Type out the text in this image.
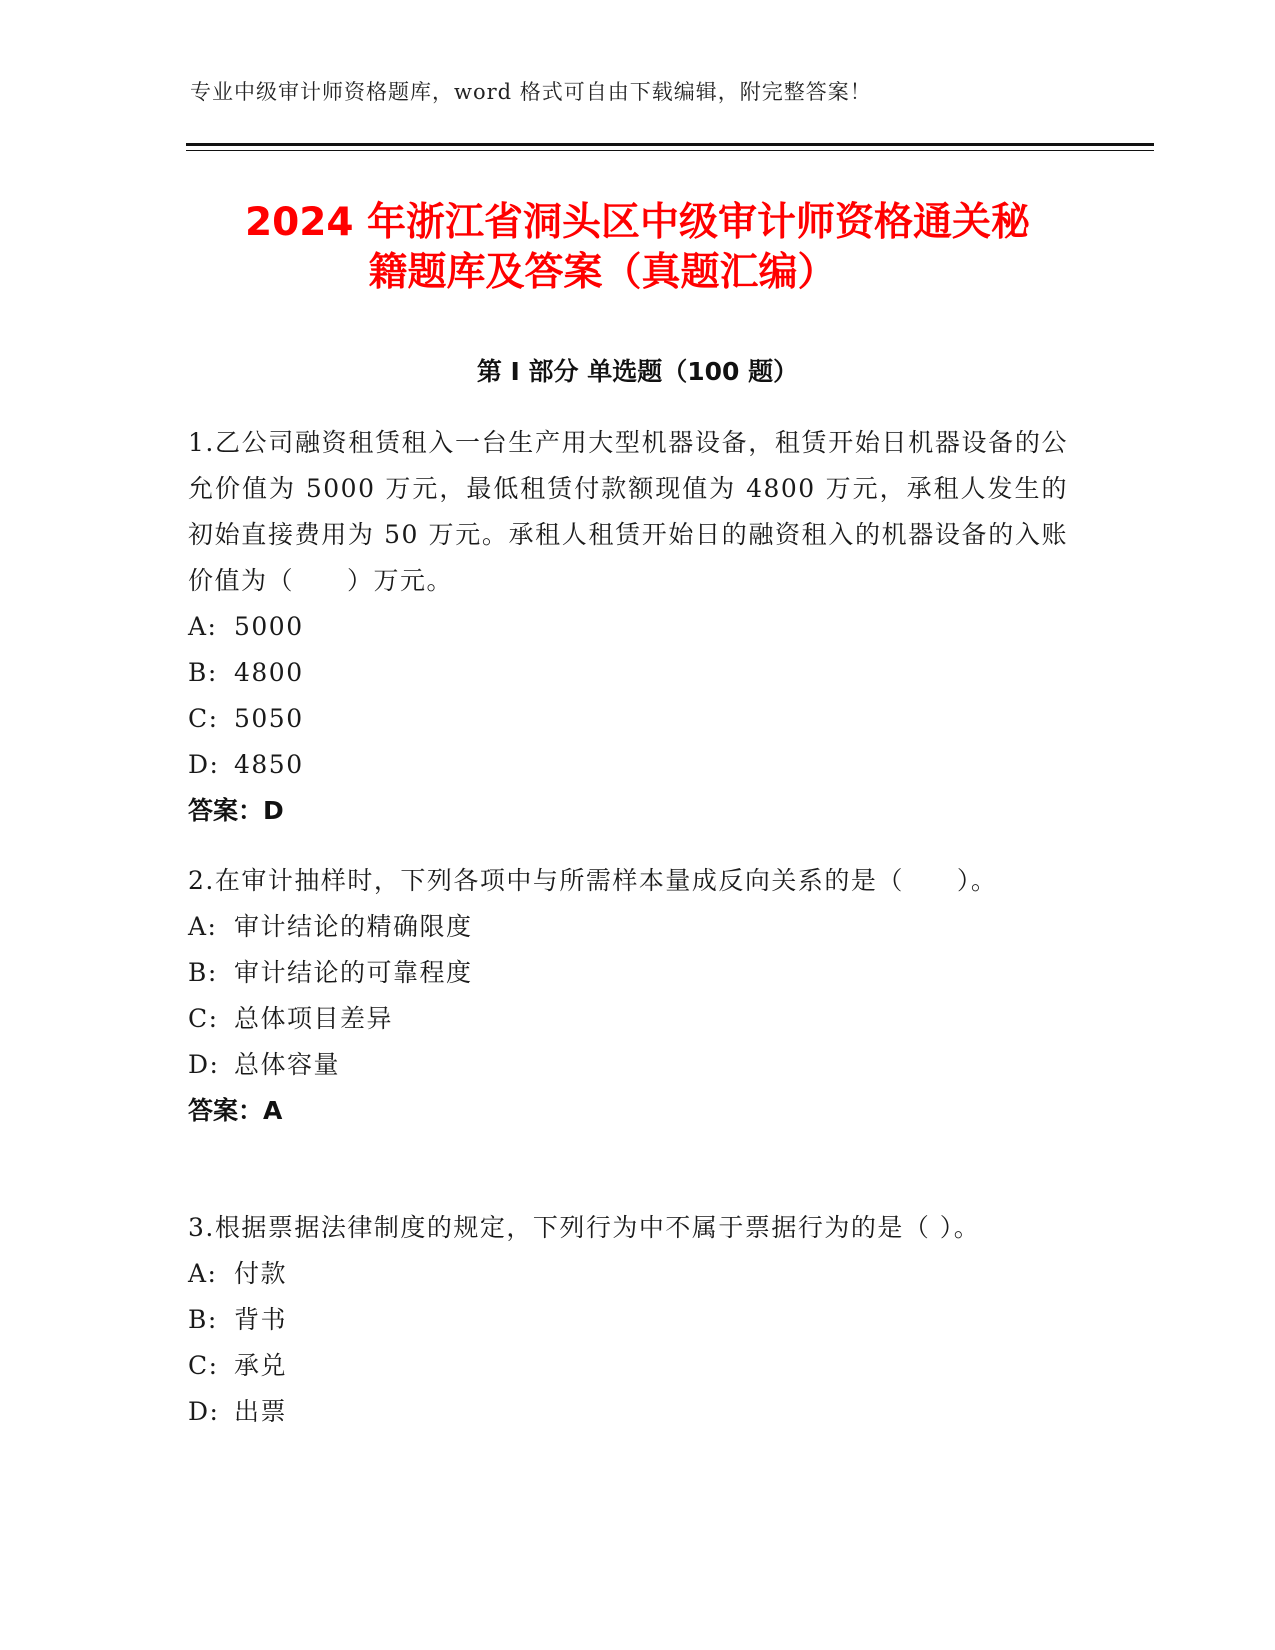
专业中级审计师资格题库，word 格式可自由下载编辑，附完整答案！
2024 年浙江省洞头区中级审计师资格通关秘
籍题库及答案（真题汇编）
第 I 部分 单选题（100 题）

1.乙公司融资租赁租入一台生产用大型机器设备，租赁开始日机器设备的公允价值为 5000 万元，最低租赁付款额现值为 4800 万元，承租人发生的初始直接费用为 50 万元。承租人租赁开始日的融资租入的机器设备的入账价值为（　　）万元。

A: 5000

B: 4800

C: 5050

D: 4850

答案：D

2.在审计抽样时，下列各项中与所需样本量成反向关系的是（　　）。

A: 审计结论的精确限度

B: 审计结论的可靠程度

C: 总体项目差异

D: 总体容量

答案：A

3.根据票据法律制度的规定，下列行为中不属于票据行为的是（ ）。

A: 付款

B: 背书

C: 承兑

D: 出票
